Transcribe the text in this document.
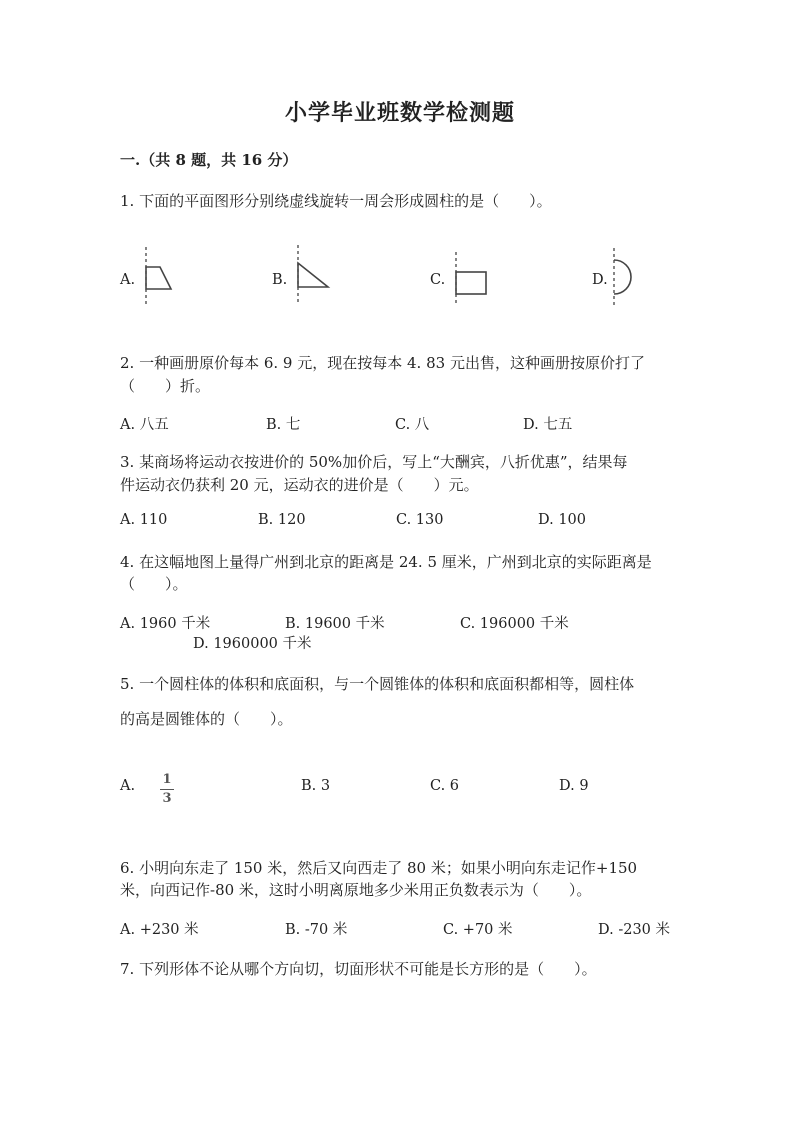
小学毕业班数学检测题
一.（共 8 题，共 16 分）
1. 下面的平面图形分别绕虚线旋转一周会形成圆柱的是（　　）。
A.	B.	C.	D.
2. 一种画册原价每本 6. 9 元，现在按每本 4. 83 元出售，这种画册按原价打了
（　　）折。
A. 八五	B. 七	C. 八	D. 七五
3. 某商场将运动衣按进价的 50%加价后，写上“大酬宾，八折优惠”，结果每
件运动衣仍获利 20 元，运动衣的进价是（　　）元。
A. 110	B. 120	C. 130	D. 100
4. 在这幅地图上量得广州到北京的距离是 24. 5 厘米，广州到北京的实际距离是
（　　）。
A. 1960 千米	B. 19600 千米	C. 196000 千米
D. 1960000 千米
5. 一个圆柱体的体积和底面积，与一个圆锥体的体积和底面积都相等，圆柱体
的高是圆锥体的（　　）。
A. 1
3
B. 3	C. 6	D. 9
6. 小明向东走了 150 米，然后又向西走了 80 米；如果小明向东走记作+150
米，向西记作-80 米，这时小明离原地多少米用正负数表示为（　　）。
A. +230 米	B. -70 米	C. +70 米	D. -230 米
7. 下列形体不论从哪个方向切，切面形状不可能是长方形的是（　　）。
